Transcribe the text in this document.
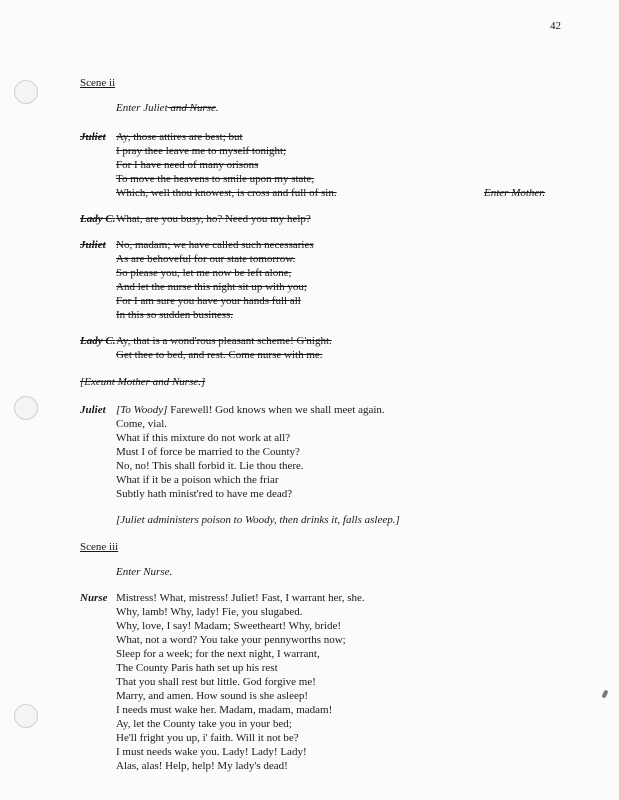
42
Scene ii
Enter Juliet and Nurse.
Juliet Ay, those attires are best; but
I pray thee leave me to myself tonight;
For I have need of many orisons
To move the heavens to smile upon my state,
Which, well thou knowest, is cross and full of sin.	Enter Mother.
Lady C. What, are you busy, ho? Need you my help?
Juliet No, madam; we have called such necessaries
As are behoveful for our state tomorrow.
So please you, let me now be left alone,
And let the nurse this night sit up with you;
For I am sure you have your hands full all
In this so sudden business.
Lady C. Ay, that is a wond'rous pleasant scheme! G'night.
Get thee to bed, and rest. Come nurse with me.
[Exeunt Mother and Nurse.]
Juliet [To Woody] Farewell! God knows when we shall meet again.
Come, vial.
What if this mixture do not work at all?
Must I of force be married to the County?
No, no! This shall forbid it. Lie thou there.
What if it be a poison which the friar
Subtly hath minist'red to have me dead?
[Juliet administers poison to Woody, then drinks it, falls asleep.]
Scene iii
Enter Nurse.
Nurse Mistress! What, mistress! Juliet! Fast, I warrant her, she.
Why, lamb! Why, lady! Fie, you slugabed.
Why, love, I say! Madam; Sweetheart! Why, bride!
What, not a word? You take your pennyworths now;
Sleep for a week; for the next night, I warrant,
The County Paris hath set up his rest
That you shall rest but little. God forgive me!
Marry, and amen. How sound is she asleep!
I needs must wake her. Madam, madam, madam!
Ay, let the County take you in your bed;
He'll fright you up, i' faith. Will it not be?
I must needs wake you. Lady! Lady! Lady!
Alas, alas! Help, help! My lady's dead!
